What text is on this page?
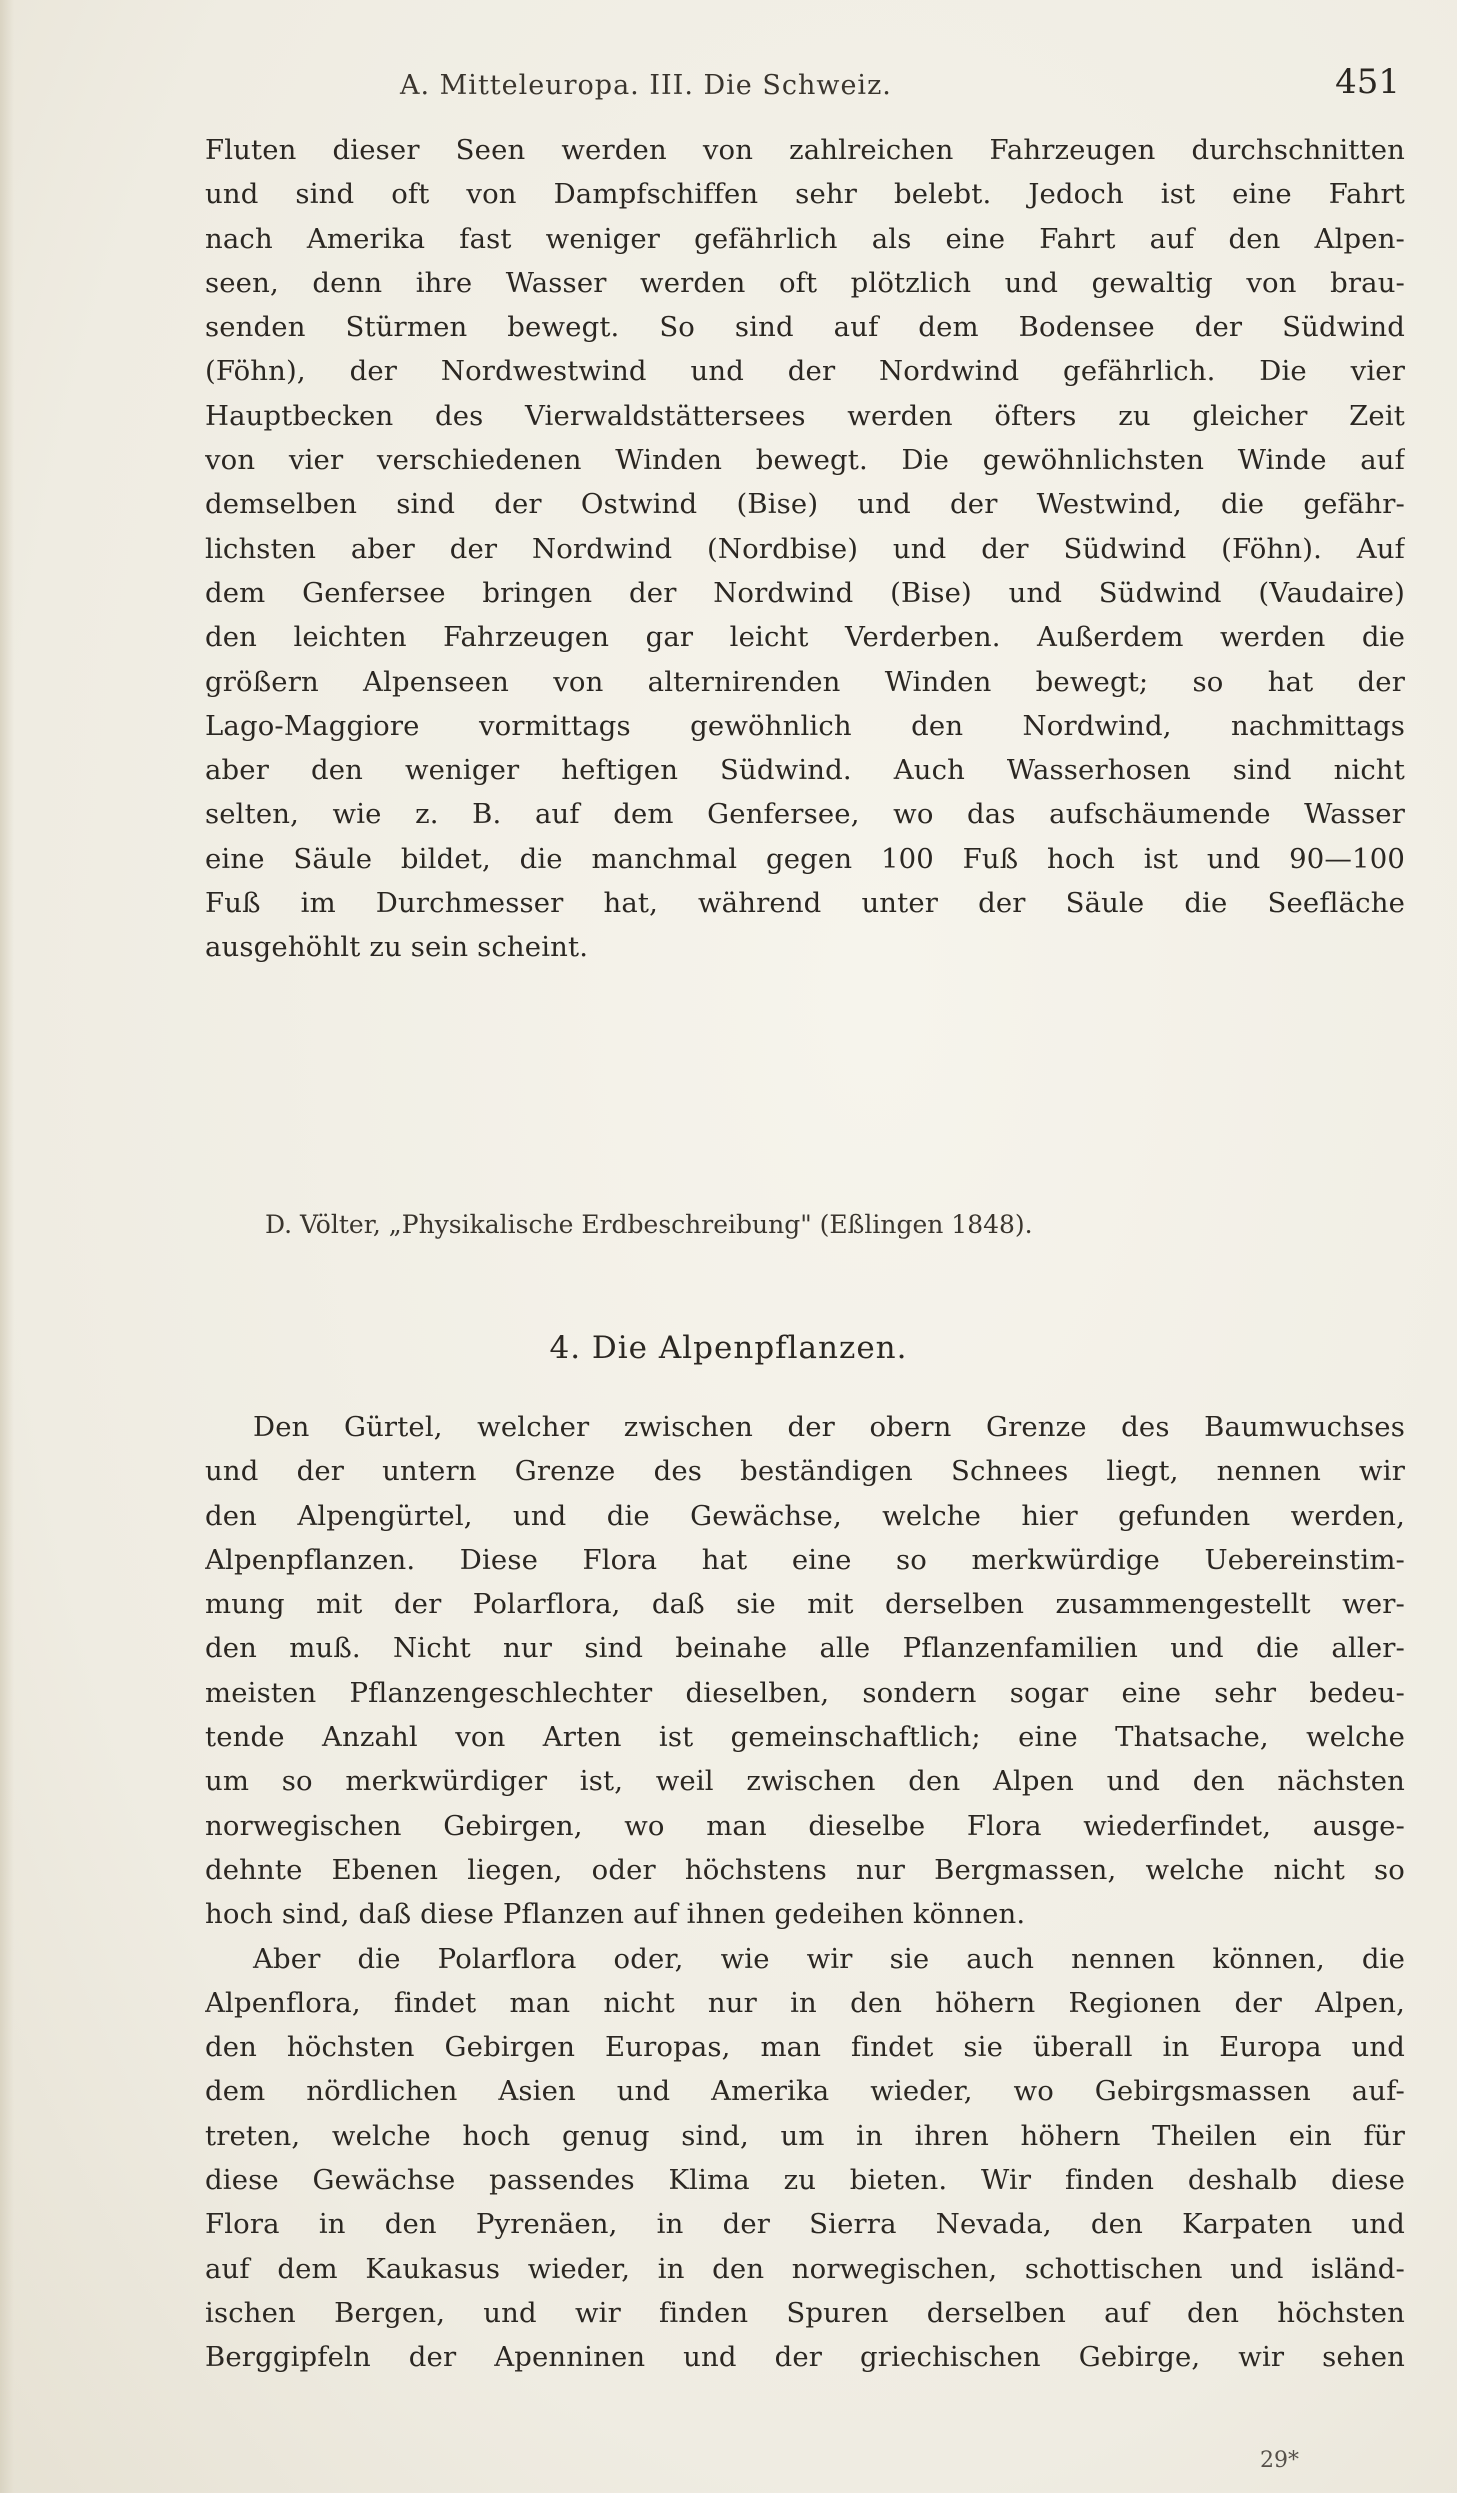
A. Mitteleuropa. III. Die Schweiz.	451
Fluten dieser Seen werden von zahlreichen Fahrzeugen durchschnitten
und sind oft von Dampfschiffen sehr belebt. Jedoch ist eine Fahrt
nach Amerika fast weniger gefährlich als eine Fahrt auf den Alpen-
seen, denn ihre Wasser werden oft plötzlich und gewaltig von brau-
senden Stürmen bewegt. So sind auf dem Bodensee der Südwind
(Föhn), der Nordwestwind und der Nordwind gefährlich. Die vier
Hauptbecken des Vierwaldstättersees werden öfters zu gleicher Zeit
von vier verschiedenen Winden bewegt. Die gewöhnlichsten Winde auf
demselben sind der Ostwind (Bise) und der Westwind, die gefähr-
lichsten aber der Nordwind (Nordbise) und der Südwind (Föhn). Auf
dem Genfersee bringen der Nordwind (Bise) und Südwind (Vaudaire)
den leichten Fahrzeugen gar leicht Verderben. Außerdem werden die
größern Alpenseen von alternirenden Winden bewegt; so hat der
Lago-Maggiore vormittags gewöhnlich den Nordwind, nachmittags
aber den weniger heftigen Südwind. Auch Wasserhosen sind nicht
selten, wie z. B. auf dem Genfersee, wo das aufschäumende Wasser
eine Säule bildet, die manchmal gegen 100 Fuß hoch ist und 90—100
Fuß im Durchmesser hat, während unter der Säule die Seefläche
ausgehöhlt zu sein scheint.
D. Völter, „Physikalische Erdbeschreibung" (Eßlingen 1848).
4. Die Alpenpflanzen.
Den Gürtel, welcher zwischen der obern Grenze des Baumwuchses
und der untern Grenze des beständigen Schnees liegt, nennen wir
den Alpengürtel, und die Gewächse, welche hier gefunden werden,
Alpenpflanzen. Diese Flora hat eine so merkwürdige Uebereinstim-
mung mit der Polarflora, daß sie mit derselben zusammengestellt wer-
den muß. Nicht nur sind beinahe alle Pflanzenfamilien und die aller-
meisten Pflanzengeschlechter dieselben, sondern sogar eine sehr bedeu-
tende Anzahl von Arten ist gemeinschaftlich; eine Thatsache, welche
um so merkwürdiger ist, weil zwischen den Alpen und den nächsten
norwegischen Gebirgen, wo man dieselbe Flora wiederfindet, ausge-
dehnte Ebenen liegen, oder höchstens nur Bergmassen, welche nicht so
hoch sind, daß diese Pflanzen auf ihnen gedeihen können.
Aber die Polarflora oder, wie wir sie auch nennen können, die
Alpenflora, findet man nicht nur in den höhern Regionen der Alpen,
den höchsten Gebirgen Europas, man findet sie überall in Europa und
dem nördlichen Asien und Amerika wieder, wo Gebirgsmassen auf-
treten, welche hoch genug sind, um in ihren höhern Theilen ein für
diese Gewächse passendes Klima zu bieten. Wir finden deshalb diese
Flora in den Pyrenäen, in der Sierra Nevada, den Karpaten und
auf dem Kaukasus wieder, in den norwegischen, schottischen und isländ-
ischen Bergen, und wir finden Spuren derselben auf den höchsten
Berggipfeln der Apenninen und der griechischen Gebirge, wir sehen
29*
